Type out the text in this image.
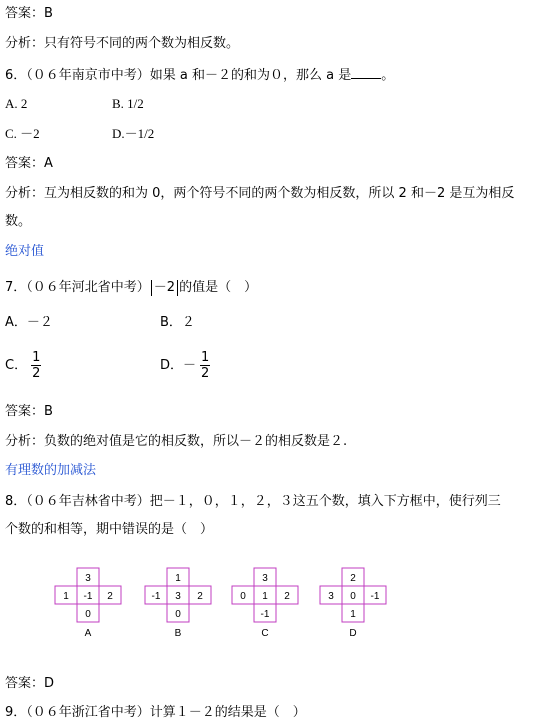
答案：B
分析：只有符号不同的两个数为相反数。
6．（０６年南京市中考）如果 a 和－２的和为０，那么 a 是 。
A. 2	B. 1/2
C. －2	D.－1/2
答案：A
分析：互为相反数的和为 0，两个符号不同的两个数为相反数，所以 2 和－2 是互为相反
数。
绝对值
7．（０６年河北省中考） －2 的值是（　）
A．－２	B．２
C． $\frac{1}{2}$	D．－ $\frac{1}{2}$
答案：B
分析：负数的绝对值是它的相反数，所以－２的相反数是２.
有理数的加减法
8．（０６年吉林省中考）把－１，０，１，２，３这五个数，填入下方框中，使行列三
个数的和相等，期中错误的是（　）
3
1 -1 2
0
A
1
-1 3 2
0
B
3
0 1 2
-1
C
2
3 0 -1
1
D
答案：D
9．（０６年浙江省中考）计算１－２的结果是（　）
